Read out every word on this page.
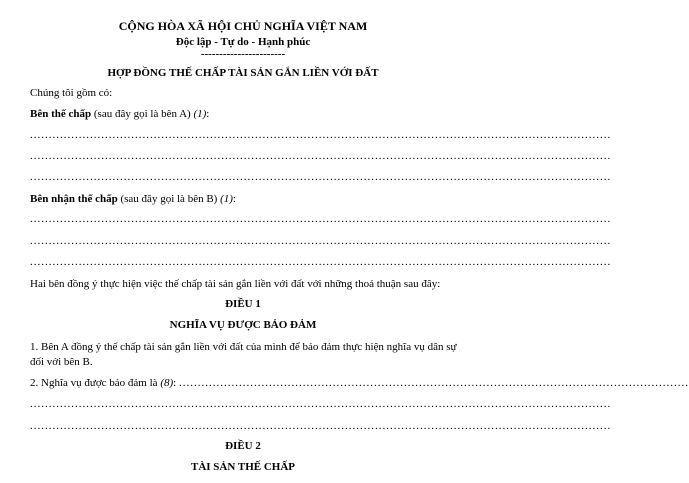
CỘNG HÒA XÃ HỘI CHỦ NGHĨA VIỆT NAM
Độc lập - Tự do - Hạnh phúc
-----------------------
HỢP ĐỒNG THẾ CHẤP TÀI SẢN GẮN LIỀN VỚI ĐẤT
Chúng tôi gồm có:
Bên thế chấp (sau đây gọi là bên A) (1):
...........................................................................................................................................................
...........................................................................................................................................................
...........................................................................................................................................................
Bên nhận thế chấp (sau đây gọi là bên B) (1):
...........................................................................................................................................................
...........................................................................................................................................................
...........................................................................................................................................................
Hai bên đồng ý thực hiện việc thế chấp tài sản gắn liền với đất với những thoả thuận sau đây:
ĐIỀU 1
NGHĨA VỤ ĐƯỢC BẢO ĐẢM
1. Bên A đồng ý thế chấp tài sản gắn liền với đất của mình để bảo đảm thực hiện nghĩa vụ dân sự
đối với bên B.
2. Nghĩa vụ được bảo đảm là (8): ........................................................................................................................................
...........................................................................................................................................................
...........................................................................................................................................................
ĐIỀU 2
TÀI SẢN THẾ CHẤP
